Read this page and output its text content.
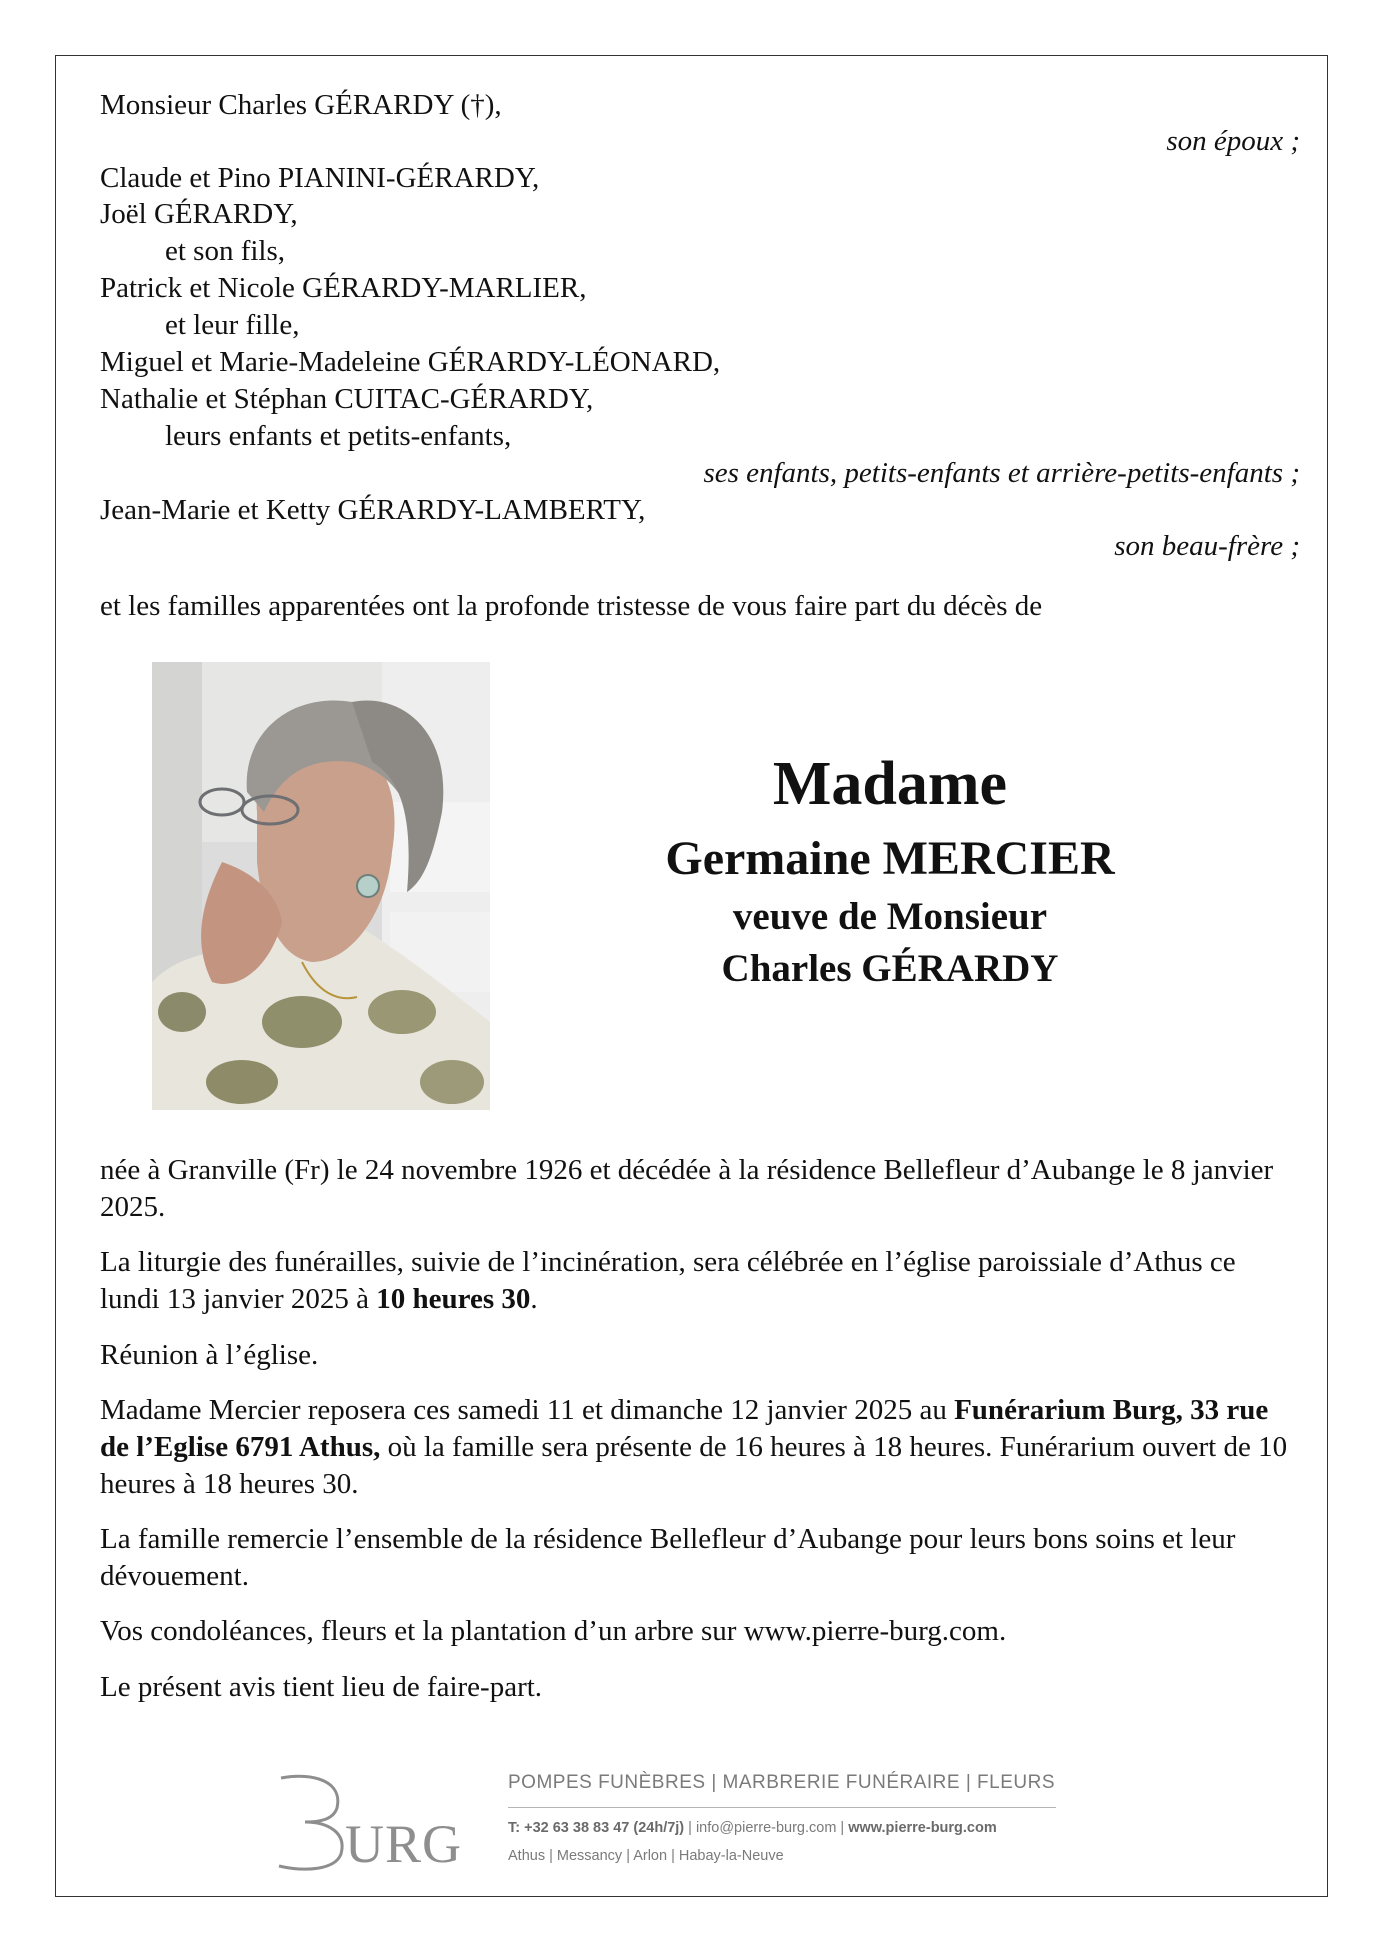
Monsieur Charles GÉRARDY (†),
son époux ;
Claude et Pino PIANINI-GÉRARDY,
Joël GÉRARDY,
et son fils,
Patrick et Nicole GÉRARDY-MARLIER,
et leur fille,
Miguel et Marie-Madeleine GÉRARDY-LÉONARD,
Nathalie et Stéphan CUITAC-GÉRARDY,
leurs enfants et petits-enfants,
ses enfants, petits-enfants et arrière-petits-enfants ;
Jean-Marie et Ketty GÉRARDY-LAMBERTY,
son beau-frère ;
et les familles apparentées ont la profonde tristesse de vous faire part du décès de
Madame
Germaine MERCIER
veuve de Monsieur
Charles GÉRARDY
née à Granville (Fr) le 24 novembre 1926 et décédée à la résidence Bellefleur d’Aubange le 8 janvier 2025.
La liturgie des funérailles, suivie de l’incinération, sera célébrée en l’église paroissiale d’Athus ce lundi 13 janvier 2025 à 10 heures 30.
Réunion à l’église.
Madame Mercier reposera ces samedi 11 et dimanche 12 janvier 2025 au Funérarium Burg, 33 rue de l’Eglise 6791 Athus, où la famille sera présente de 16 heures à 18 heures. Funérarium ouvert de 10 heures à 18 heures 30.
La famille remercie l’ensemble de la résidence Bellefleur d’Aubange pour leurs bons soins et leur dévouement.
Vos condoléances, fleurs et la plantation d’un arbre sur www.pierre-burg.com.
Le présent avis tient lieu de faire-part.
URG
POMPES FUNÈBRES | MARBRERIE FUNÉRAIRE | FLEURS
T: +32 63 38 83 47 (24h/7j) | info@pierre-burg.com | www.pierre-burg.com
Athus | Messancy | Arlon | Habay-la-Neuve
